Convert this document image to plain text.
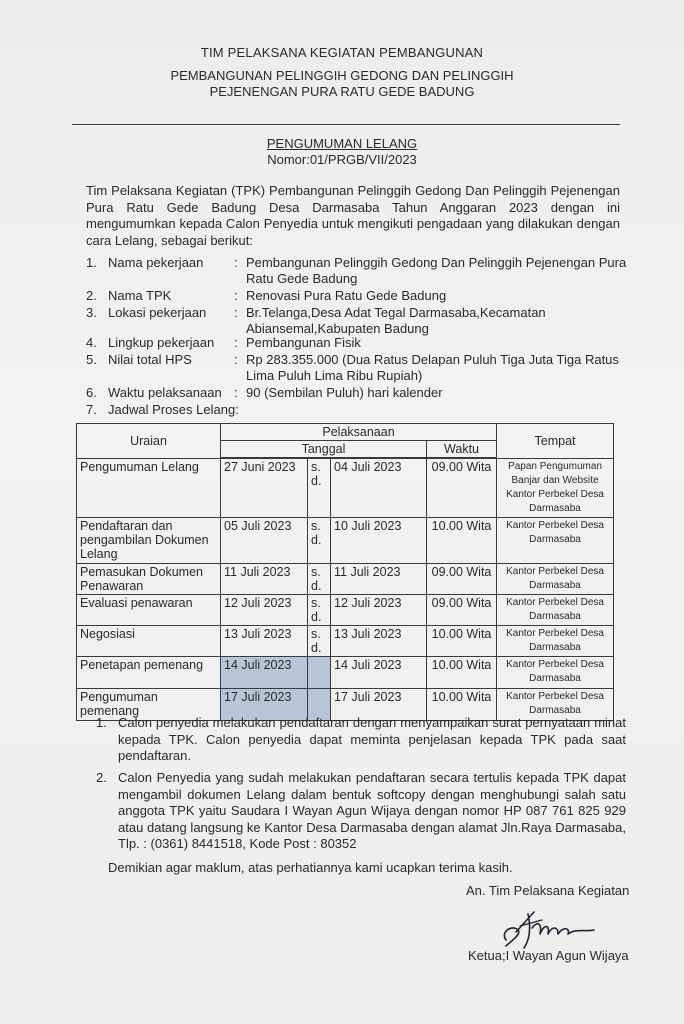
TIM PELAKSANA KEGIATAN PEMBANGUNAN
PEMBANGUNAN PELINGGIH GEDONG DAN PELINGGIH
PEJENENGAN PURA RATU GEDE BADUNG
PENGUMUMAN LELANG
Nomor:01/PRGB/VII/2023
Tim Pelaksana Kegiatan (TPK) Pembangunan Pelinggih Gedong Dan Pelinggih Pejenengan Pura Ratu Gede Badung Desa Darmasaba Tahun Anggaran 2023 dengan ini mengumumkan kepada Calon Penyedia untuk mengikuti pengadaan yang dilakukan dengan cara Lelang, sebagai berikut:
1. Nama pekerjaan : Pembangunan Pelinggih Gedong Dan Pelinggih Pejenengan Pura Ratu Gede Badung
2. Nama TPK	: Renovasi Pura Ratu Gede Badung
3. Lokasi pekerjaan : Br.Telanga,Desa Adat Tegal Darmasaba,Kecamatan Abiansemal,Kabupaten Badung
4. Lingkup pekerjaan : Pembangunan Fisik
5. Nilai total HPS	: Rp 283.355.000 (Dua Ratus Delapan Puluh Tiga Juta Tiga Ratus Lima Puluh Lima Ribu Rupiah)
6. Waktu pelaksanaan : 90 (Sembilan Puluh) hari kalender
7. Jadwal Proses Lelang:
Uraian	Pelaksanaan				Tempat
	Tanggal			Waktu	

Pengumuman Lelang	27 Juni 2023	s. d.	04 Juli 2023	09.00 Wita	Papan Pengumuman Banjar dan Website Kantor Perbekel Desa Darmasaba
Pendaftaran dan pengambilan Dokumen Lelang	05 Juli 2023	s. d.	10 Juli 2023	10.00 Wita	Kantor Perbekel Desa Darmasaba
Pemasukan Dokumen Penawaran	11 Juli 2023	s. d.	11 Juli 2023	09.00 Wita	Kantor Perbekel Desa Darmasaba
Evaluasi penawaran	12 Juli 2023	s. d.	12 Juli 2023	09.00 Wita	Kantor Perbekel Desa Darmasaba
Negosiasi	13 Juli 2023	s. d.	13 Juli 2023	10.00 Wita	Kantor Perbekel Desa Darmasaba
Penetapan pemenang	14 Juli 2023		14 Juli 2023	10.00 Wita	Kantor Perbekel Desa Darmasaba
Pengumuman pemenang	17 Juli 2023		17 Juli 2023	10.00 Wita	Kantor Perbekel Desa Darmasaba
1. Calon penyedia melakukan pendaftaran dengan menyampaikan surat pernyataan minat kepada TPK. Calon penyedia dapat meminta penjelasan kepada TPK pada saat pendaftaran.
2. Calon Penyedia yang sudah melakukan pendaftaran secara tertulis kepada TPK dapat mengambil dokumen Lelang dalam bentuk softcopy dengan menghubungi salah satu anggota TPK yaitu Saudara I Wayan Agun Wijaya dengan nomor HP 087 761 825 929 atau datang langsung ke Kantor Desa Darmasaba dengan alamat Jln.Raya Darmasaba, Tlp. : (0361) 8441518, Kode Post : 80352
Demikian agar maklum, atas perhatiannya kami ucapkan terima kasih.
An. Tim Pelaksana Kegiatan
Ketua;I Wayan Agun Wijaya
